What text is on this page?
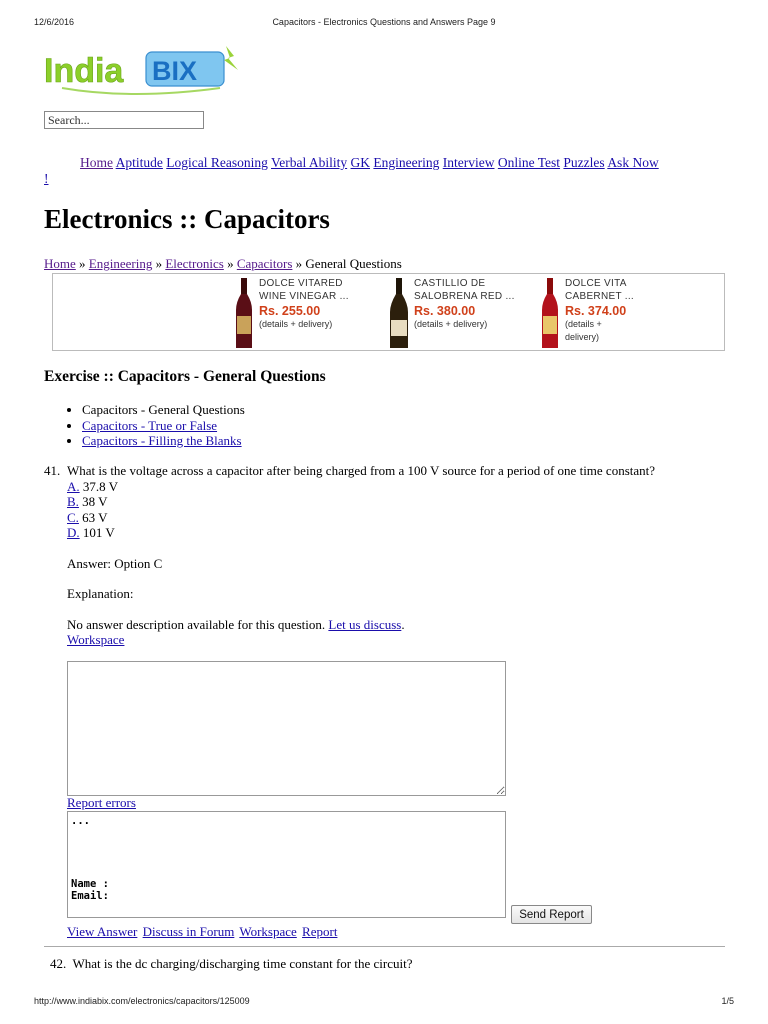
12/6/2016	Capacitors - Electronics Questions and Answers Page 9
India BIX
Search...
Home Aptitude Logical Reasoning Verbal Ability GK Engineering Interview Online Test Puzzles Ask Now
!
Electronics :: Capacitors
Home » Engineering » Electronics » Capacitors » General Questions
DOLCE VITARED
WINE VINEGAR ...
Rs. 255.00
(details + delivery)
CASTILLIO DE
SALOBRENA RED ...
Rs. 380.00
(details + delivery)
DOLCE VITA
CABERNET ...
Rs. 374.00
(details + delivery)
Exercise :: Capacitors - General Questions
Capacitors - General Questions
Capacitors - True or False
Capacitors - Filling the Blanks
41. What is the voltage across a capacitor after being charged from a 100 V source for a period of one time constant?
A. 37.8 V
B. 38 V
C. 63 V
D. 101 V
Answer: Option C
Explanation:
No answer description available for this question. Let us discuss.
Workspace
Report errors
...

Name :
Email:
Send Report
View Answer Discuss in Forum Workspace Report
42. What is the dc charging/discharging time constant for the circuit?
http://www.indiabix.com/electronics/capacitors/125009	1/5
